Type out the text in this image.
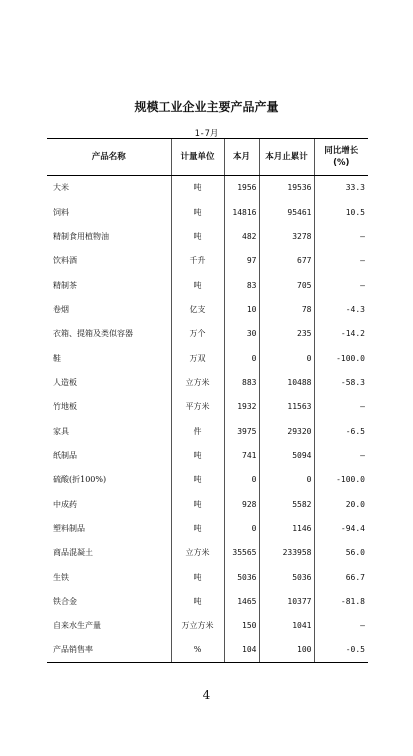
规模工业企业主要产品产量
1-7月
产品名称	计量单位	本月	本月止累计	同比增长
(%)

大米	吨	1956	19536	33.3
饲料	吨	14816	95461	10.5
精制食用植物油	吨	482	3278	–
饮料酒	千升	97	677	–
精制茶	吨	83	705	–
卷烟	亿支	10	78	-4.3
衣箱、提箱及类似容器	万个	30	235	-14.2
鞋	万双	0	0	-100.0
人造板	立方米	883	10488	-58.3
竹地板	平方米	1932	11563	–
家具	件	3975	29320	-6.5
纸制品	吨	741	5094	–
硫酸(折100%)	吨	0	0	-100.0
中成药	吨	928	5582	20.0
塑料制品	吨	0	1146	-94.4
商品混凝土	立方米	35565	233958	56.0
生铁	吨	5036	5036	66.7
铁合金	吨	1465	10377	-81.8
自来水生产量	万立方米	150	1041	–
产品销售率	%	104	100	-0.5
4
